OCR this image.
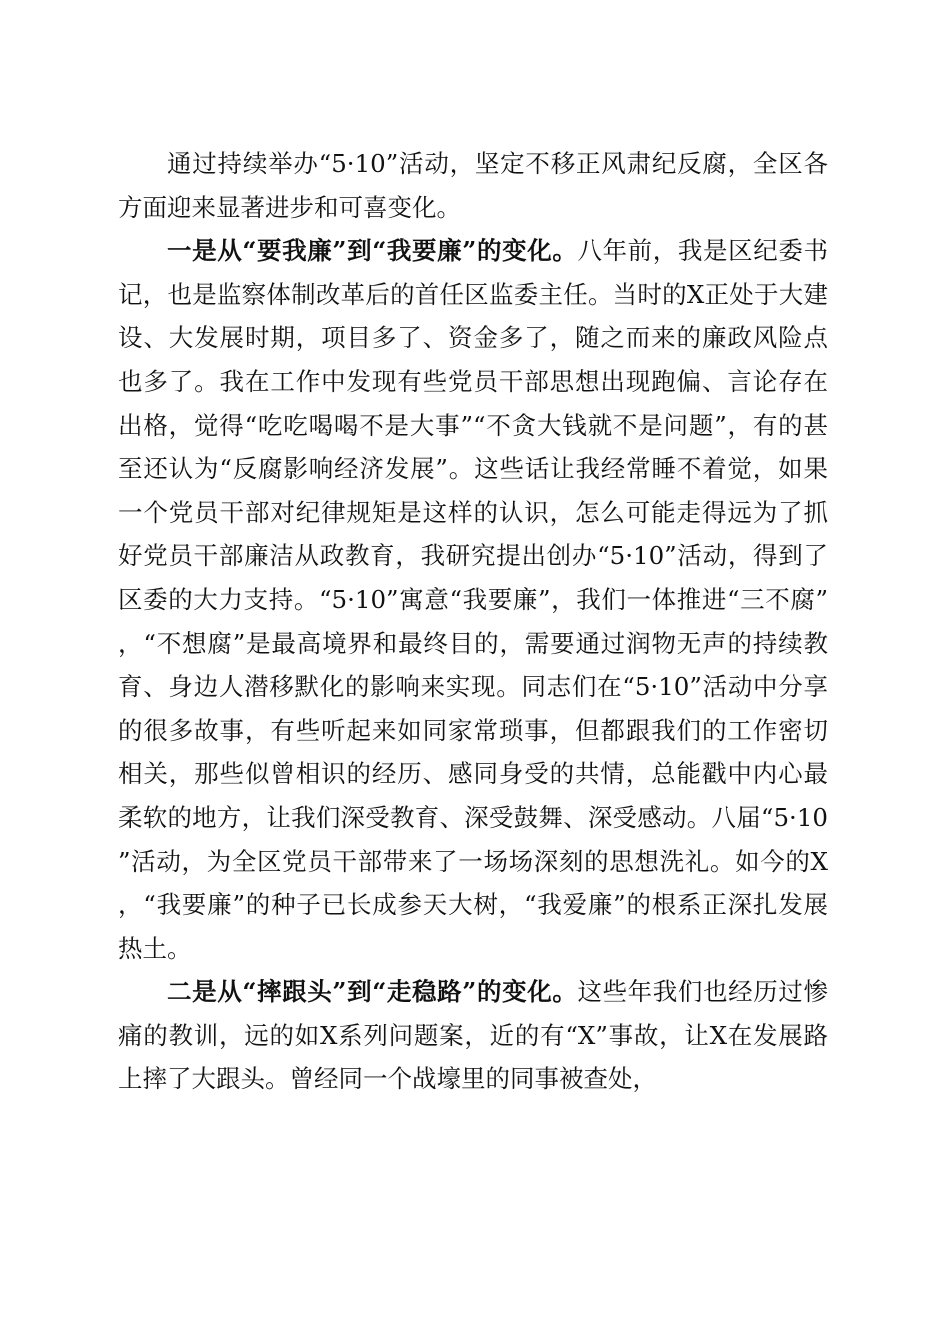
通过持续举办“5·10”活动，坚定不移正风肃纪反腐，全区各方面迎来显著进步和可喜变化。

一是从“要我廉”到“我要廉”的变化。八年前，我是区纪委书记，也是监察体制改革后的首任区监委主任。当时的X正处于大建设、大发展时期，项目多了、资金多了，随之而来的廉政风险点也多了。我在工作中发现有些党员干部思想出现跑偏、言论存在出格，觉得“吃吃喝喝不是大事”“不贪大钱就不是问题”，有的甚至还认为“反腐影响经济发展”。这些话让我经常睡不着觉，如果一个党员干部对纪律规矩是这样的认识，怎么可能走得远为了抓好党员干部廉洁从政教育，我研究提出创办“5·10”活动，得到了区委的大力支持。“5·10”寓意“我要廉”，我们一体推进“三不腐”，“不想腐”是最高境界和最终目的，需要通过润物无声的持续教育、身边人潜移默化的影响来实现。同志们在“5·10”活动中分享的很多故事，有些听起来如同家常琐事，但都跟我们的工作密切相关，那些似曾相识的经历、感同身受的共情，总能戳中内心最柔软的地方，让我们深受教育、深受鼓舞、深受感动。八届“5·10”活动，为全区党员干部带来了一场场深刻的思想洗礼。如今的X，“我要廉”的种子已长成参天大树，“我爱廉”的根系正深扎发展热土。

二是从“摔跟头”到“走稳路”的变化。这些年我们也经历过惨痛的教训，远的如X系列问题案，近的有“X”事故，让X在发展路上摔了大跟头。曾经同一个战壕里的同事被查处，
